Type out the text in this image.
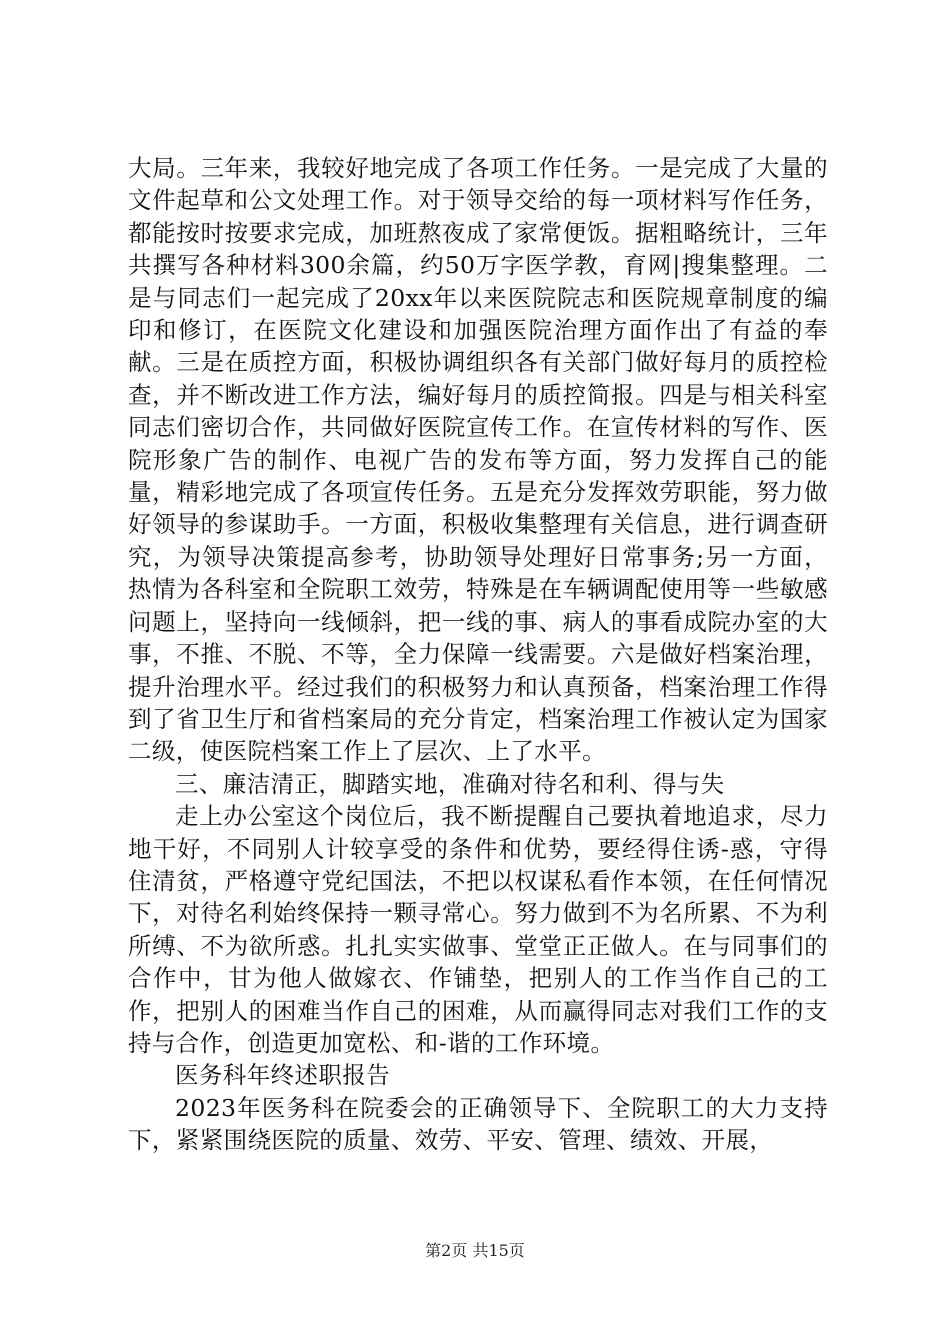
大局。三年来，我较好地完成了各项工作任务。一是完成了大量的文件起草和公文处理工作。对于领导交给的每一项材料写作任务，都能按时按要求完成，加班熬夜成了家常便饭。据粗略统计，三年共撰写各种材料300余篇，约50万字医学教，育网|搜集整理。二是与同志们一起完成了20xx年以来医院院志和医院规章制度的编印和修订，在医院文化建设和加强医院治理方面作出了有益的奉献。三是在质控方面，积极协调组织各有关部门做好每月的质控检查，并不断改进工作方法，编好每月的质控简报。四是与相关科室同志们密切合作，共同做好医院宣传工作。在宣传材料的写作、医院形象广告的制作、电视广告的发布等方面，努力发挥自己的能量，精彩地完成了各项宣传任务。五是充分发挥效劳职能，努力做好领导的参谋助手。一方面，积极收集整理有关信息，进行调查研究，为领导决策提高参考，协助领导处理好日常事务;另一方面，热情为各科室和全院职工效劳，特殊是在车辆调配使用等一些敏感问题上，坚持向一线倾斜，把一线的事、病人的事看成院办室的大事，不推、不脱、不等，全力保障一线需要。六是做好档案治理，提升治理水平。经过我们的积极努力和认真预备，档案治理工作得到了省卫生厅和省档案局的充分肯定，档案治理工作被认定为国家二级，使医院档案工作上了层次、上了水平。

三、廉洁清正，脚踏实地，准确对待名和利、得与失

走上办公室这个岗位后，我不断提醒自己要执着地追求，尽力地干好，不同别人计较享受的条件和优势，要经得住诱-惑，守得住清贫，严格遵守党纪国法，不把以权谋私看作本领，在任何情况下，对待名利始终保持一颗寻常心。努力做到不为名所累、不为利所缚、不为欲所惑。扎扎实实做事、堂堂正正做人。在与同事们的合作中，甘为他人做嫁衣、作铺垫，把别人的工作当作自己的工作，把别人的困难当作自己的困难，从而赢得同志对我们工作的支持与合作，创造更加宽松、和-谐的工作环境。

医务科年终述职报告

2023年医务科在院委会的正确领导下、全院职工的大力支持下，紧紧围绕医院的质量、效劳、平安、管理、绩效、开展，

第2页 共15页
